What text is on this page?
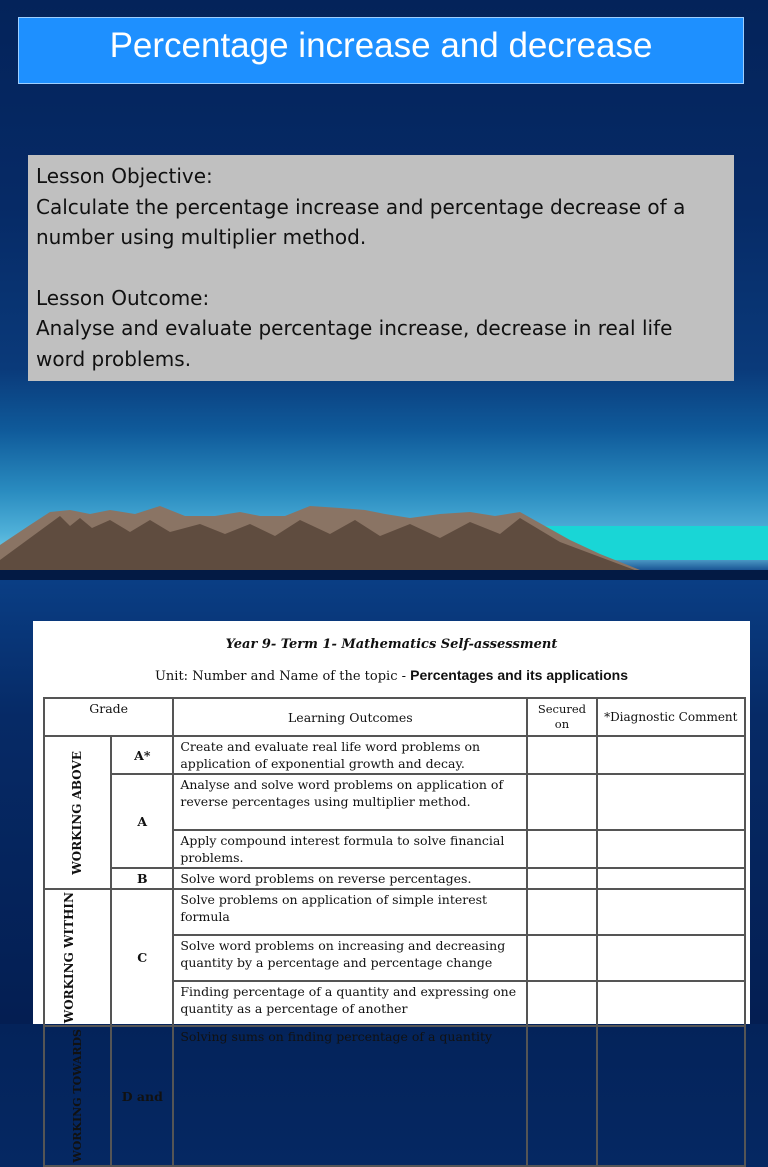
Percentage increase and decrease

Lesson Objective:

Calculate the percentage increase and percentage decrease of a number using multiplier method.

Lesson Outcome:

Analyse and evaluate percentage increase, decrease in real life word problems.

Year 9- Term 1- Mathematics Self-assessment
Unit: Number and Name of the topic - Percentages and its applications
Grade		Learning Outcomes	Secured on	*Diagnostic Comment

WORKING ABOVE	A*	Create and evaluate real life word problems on application of exponential growth and decay.		
	A	Analyse and solve word problems on application of reverse percentages using multiplier method.		
		Apply compound interest formula to solve financial problems.		
	B	Solve word problems on reverse percentages.		

WORKING WITHIN	C	Solve problems on application of simple interest formula		
		Solve word problems on increasing and decreasing quantity by a percentage and percentage change		
		Finding percentage of a quantity and expressing one quantity as a percentage of another		

WORKING TOWARDS	D and	Solving sums on finding percentage of a quantity		
